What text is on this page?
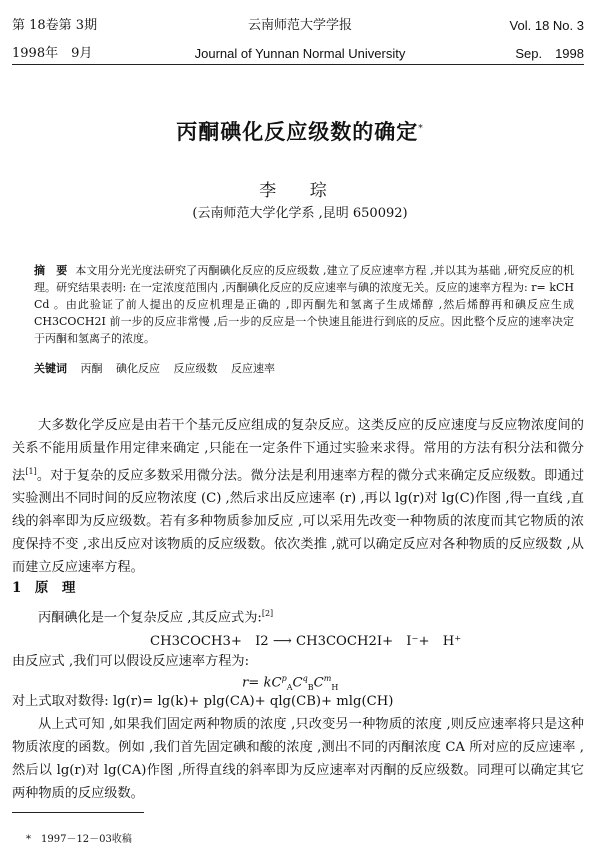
第 18卷第 3期
1998年　9月
云南师范大学学报
Journal of Yunnan Normal University
Vol. 18 No. 3
Sep.　1998
丙酮碘化反应级数的确定*
李 琮
(云南师范大学化学系 ,昆明 650092)
摘　要 本文用分光光度法研究了丙酮碘化反应的反应级数 ,建立了反应速率方程 ,并以其为基础 ,研究反应的机理。研究结果表明: 在一定浓度范围内 ,丙酮碘化反应的反应速率与碘的浓度无关。反应的速率方程为: r= kCH Cd 。由此验证了前人提出的反应机理是正确的 ,即丙酮先和氢离子生成烯醇 ,然后烯醇再和碘反应生成 CH3COCH2I 前一步的反应非常慢 ,后一步的反应是一个快速且能进行到底的反应。因此整个反应的速率决定于丙酮和氢离子的浓度。
关键词 丙酮 碘化反应 反应级数 反应速率
大多数化学反应是由若干个基元反应组成的复杂反应。这类反应的反应速度与反应物浓度间的关系不能用质量作用定律来确定 ,只能在一定条件下通过实验来求得。常用的方法有积分法和微分法[1]。对于复杂的反应多数采用微分法。微分法是利用速率方程的微分式来确定反应级数。即通过实验测出不同时间的反应物浓度 (C) ,然后求出反应速率 (r) ,再以 lg(r)对 lg(C)作图 ,得一直线 ,直线的斜率即为反应级数。若有多种物质参加反应 ,可以采用先改变一种物质的浓度而其它物质的浓度保持不变 ,求出反应对该物质的反应级数。依次类推 ,就可以确定反应对各种物质的反应级数 ,从而建立反应速率方程。
1　原　理
丙酮碘化是一个复杂反应 ,其反应式为:[2]
CH3COCH3+　I2 ⟶ CH3COCH2I+　I⁻+　H⁺
由反应式 ,我们可以假设反应速率方程为:
$r= kC^p_AC^q_BC^m_H$
对上式取对数得: lg(r)= lg(k)+ plg(CA)+ qlg(CB)+ mlg(CH)
从上式可知 ,如果我们固定两种物质的浓度 ,只改变另一种物质的浓度 ,则反应速率将只是这种物质浓度的函数。例如 ,我们首先固定碘和酸的浓度 ,测出不同的丙酮浓度 CA 所对应的反应速率 ,然后以 lg(r)对 lg(CA)作图 ,所得直线的斜率即为反应速率对丙酮的反应级数。同理可以确定其它两种物质的反应级数。
*　1997－12－03收稿
